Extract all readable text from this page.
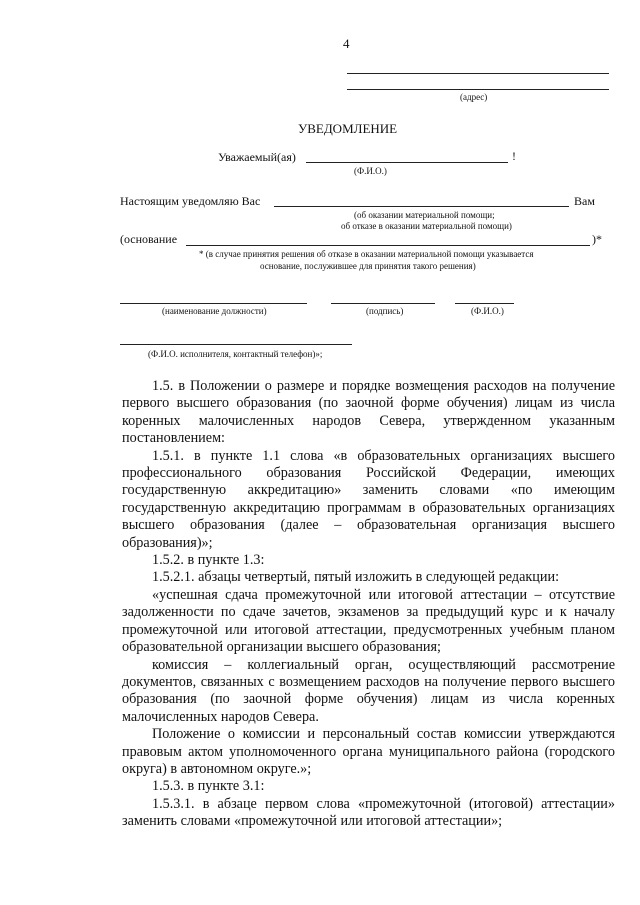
4
(адрес)
УВЕДОМЛЕНИЕ
Уважаемый(ая)	!
(Ф.И.О.)
Настоящим уведомляю Вас	Вам
(об оказании материальной помощи;
об отказе в оказании материальной помощи)
(основание	)*
* (в случае принятия решения об отказе в оказании материальной помощи указывается
основание, послужившее для принятия такого решения)
(наименование должности)	(подпись)	(Ф.И.О.)
(Ф.И.О. исполнителя, контактный телефон)»;

1.5. в Положении о размере и порядке возмещения расходов на получение первого высшего образования (по заочной форме обучения) лицам из числа коренных малочисленных народов Севера, утвержденном указанным постановлением:

1.5.1. в пункте 1.1 слова «в образовательных организациях высшего профессионального образования Российской Федерации, имеющих государственную аккредитацию» заменить словами «по имеющим государственную аккредитацию программам в образовательных организациях высшего образования (далее – образовательная организация высшего образования)»;

1.5.2. в пункте 1.3:

1.5.2.1. абзацы четвертый, пятый изложить в следующей редакции:

«успешная сдача промежуточной или итоговой аттестации – отсутствие задолженности по сдаче зачетов, экзаменов за предыдущий курс и к началу промежуточной или итоговой аттестации, предусмотренных учебным планом образовательной организации высшего образования;

комиссия – коллегиальный орган, осуществляющий рассмотрение документов, связанных с возмещением расходов на получение первого высшего образования (по заочной форме обучения) лицам из числа коренных малочисленных народов Севера.

Положение о комиссии и персональный состав комиссии утверждаются правовым актом уполномоченного органа муниципального района (городского округа) в автономном округе.»;

1.5.3. в пункте 3.1:

1.5.3.1. в абзаце первом слова «промежуточной (итоговой) аттестации» заменить словами «промежуточной или итоговой аттестации»;
